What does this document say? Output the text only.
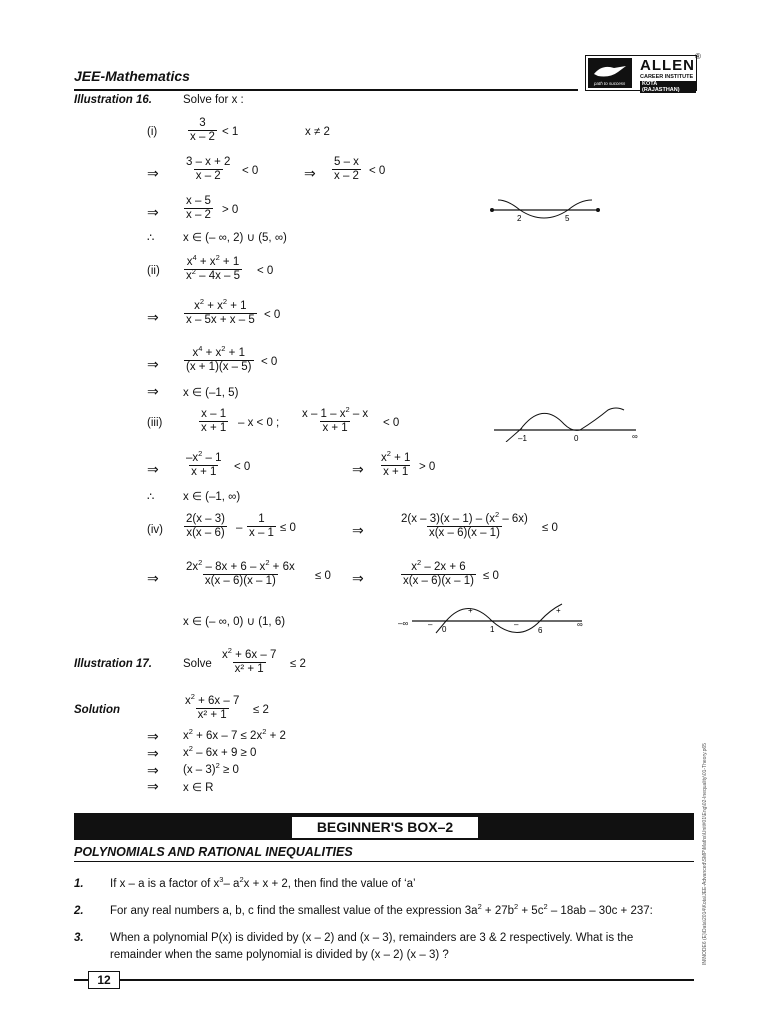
JEE-Mathematics	path to success
ALLEN
CAREER INSTITUTE
KOTA (RAJASTHAN)
®
Illustration 16.	Solve for x :
(i)	$\frac{3}{x - 2} < 1$	x ≠ 2
⇒ $\frac{3 - x + 2}{x - 2} < 0$	⇒ $\frac{5 - x}{x - 2} < 0$
⇒ $\frac{x - 5}{x - 2} > 0$
∴ x ∈ (– ∞, 2) ∪ (5, ∞)
2	5
$(ii) \frac{x^4 + x^2 + 1}{x^2 - 4x - 5} < 0$
⇒ $\frac{x^2 + x^2 + 1}{x - 5x + x - 5} < 0$
⇒ $\frac{x^4 + x^2 + 1}{(x + 1)(x - 5)} < 0$
⇒ x ∈ (–1, 5)
(iii)	$\frac{x - 1}{x + 1} - x < 0$ ; $\frac{x - 1 - x^2 - x}{x + 1} < 0$
–1	0	∞
⇒ $\frac{-x^2 - 1}{x + 1} < 0$	⇒ $\frac{x^2 + 1}{x + 1} > 0$
∴ x ∈ (–1, ∞)
$(iv) \frac{2(x - 3)}{x(x - 6)} - \frac{1}{x - 1} \le 0$	⇒	$\frac{2(x - 3)(x - 1) - (x^2 - 6x)}{x(x - 6)(x - 1)} \le 0$
⇒ $\frac{2x^2 - 8x + 6 - x^2 + 6x}{x(x - 6)(x - 1)} \le 0$ ⇒	$\frac{x^2 - 2x + 6}{x(x - 6)(x - 1)} \le 0$
x ∈ (– ∞, 0) ∪ (1, 6)	–∞ –
0
+
1
–
6
+
∞
Illustration 17.	Solve $\frac{x^2 + 6x - 7}{\text{x² + 1}} \le 2$
Solution	$\frac{x^2 + 6x - 7}{\text{x² + 1}} \le 2$
⇒ $x^2 + 6x - 7 \le 2x^2 + 2$
⇒ $x^2 - 6x + 9 \ge 0$
⇒ (x – 3)$^2$ ≥ 0
⇒ x ∈ R
BEGINNER'S BOX–2
POLYNOMIALS AND RATIONAL INEQUALITIES
1. If x – a is a factor of $x^3-$ $a^2x + x + 2$, then find the value of ‘a’
2. For any real numbers a, b, c find the smallest value of the expression $3a^2 + 27b^2 + 5c^2 - 18ab - 30c + 237$:
3. When a polynomial P(x) is divided by (x – 2) and (x – 3), remainders are 3 & 2 respectively. What is the
remainder when the same polynomial is divided by (x – 2) (x – 3) ?	IN\NODE6 (E)\Data\2014\Kota\JEE-Advanced\SMP\Maths\Unit#01\Eng\02-Inequality\01-Theory.p65
12
